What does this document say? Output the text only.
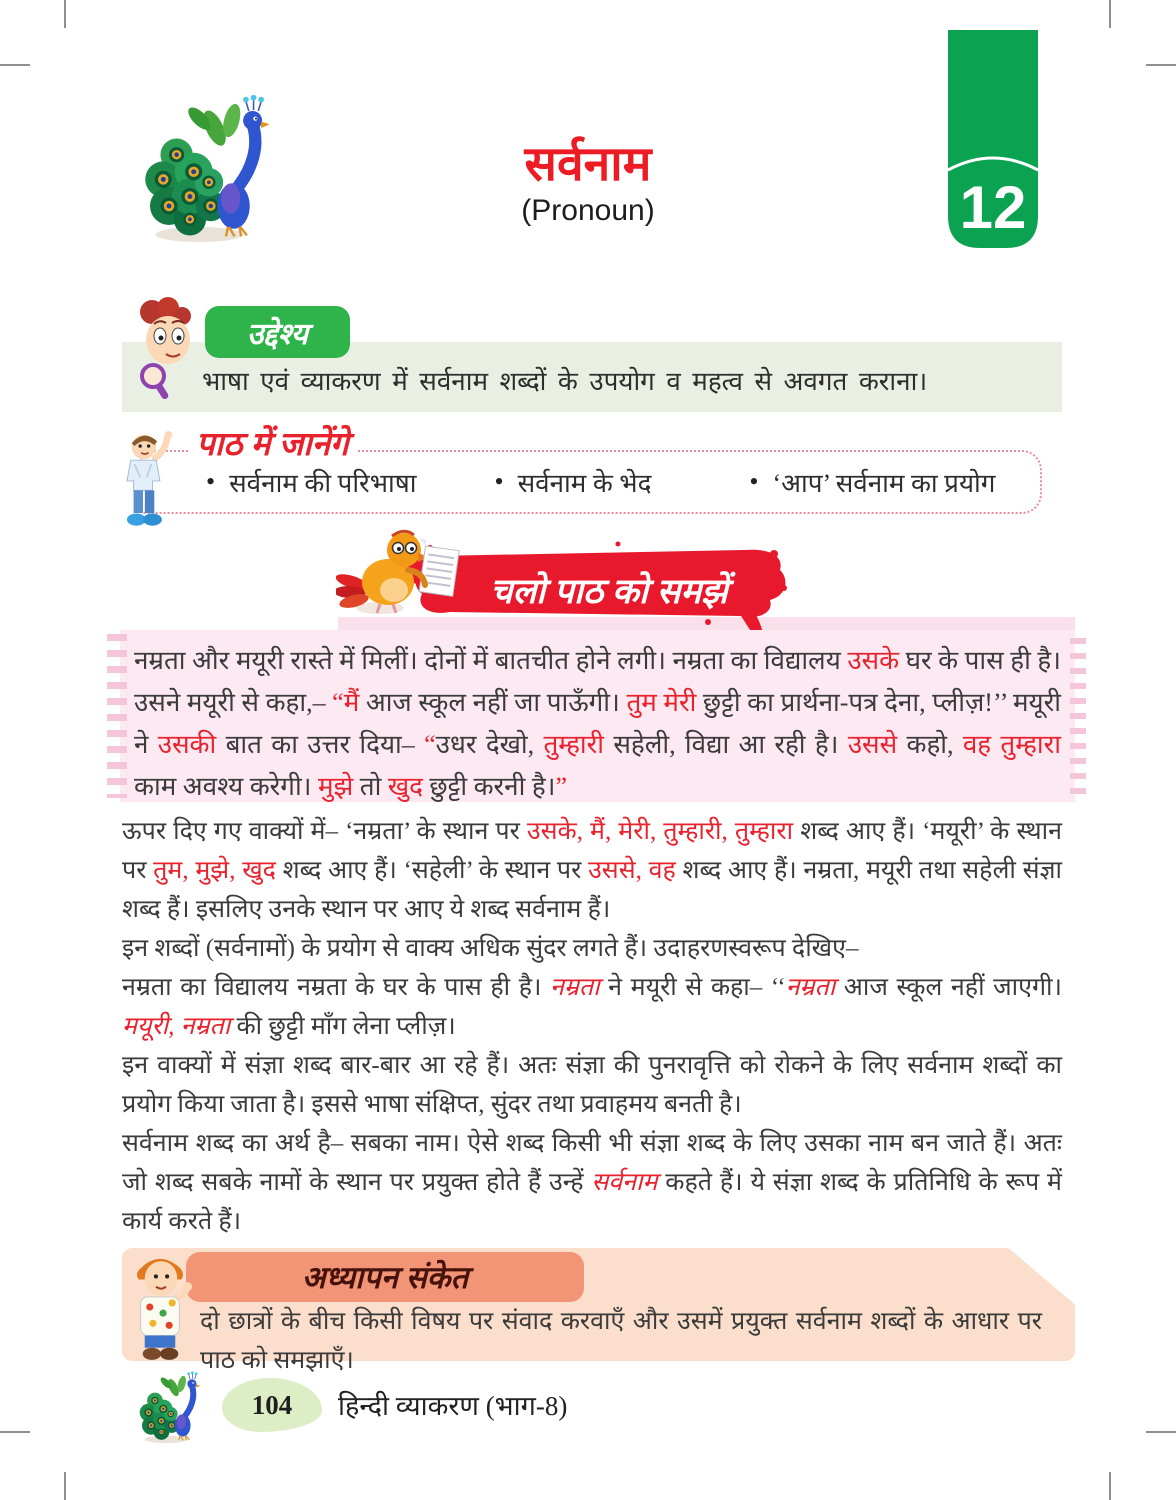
सर्वनाम
(Pronoun)	12
भाषा एवं व्याकरण में सर्वनाम शब्दों के उपयोग व महत्व से अवगत कराना।
उद्देश्य
पाठ में जानेंगे
• सर्वनाम की परिभाषा	• सर्वनाम के भेद	• ‘आप’ सर्वनाम का प्रयोग
चलो पाठ को समझें

नम्रता और मयूरी रास्ते में मिलीं। दोनों में बातचीत होने लगी। नम्रता का विद्यालय उसके घर के पास ही है। उसने मयूरी से कहा,– “मैं आज स्कूल नहीं जा पाऊँगी। तुम मेरी छुट्टी का प्रार्थना-पत्र देना, प्लीज़!’’ मयूरी ने उसकी बात का उत्तर दिया– “उधर देखो, तुम्हारी सहेली, विद्या आ रही है। उससे कहो, वह तुम्हारा काम अवश्य करेगी। मुझे तो खुद छुट्टी करनी है।”

ऊपर दिए गए वाक्यों में– ‘नम्रता’ के स्थान पर उसके, मैं, मेरी, तुम्हारी, तुम्हारा शब्द आए हैं। ‘मयूरी’ के स्थान पर तुम, मुझे, खुद शब्द आए हैं। ‘सहेली’ के स्थान पर उससे, वह शब्द आए हैं। नम्रता, मयूरी तथा सहेली संज्ञा शब्द हैं। इसलिए उनके स्थान पर आए ये शब्द सर्वनाम हैं।

इन शब्दों (सर्वनामों) के प्रयोग से वाक्य अधिक सुंदर लगते हैं। उदाहरणस्वरूप देखिए–

नम्रता का विद्यालय नम्रता के घर के पास ही है। नम्रता ने मयूरी से कहा– ‘‘नम्रता आज स्कूल नहीं जाएगी। मयूरी, नम्रता की छुट्टी माँग लेना प्लीज़।

इन वाक्यों में संज्ञा शब्द बार-बार आ रहे हैं। अतः संज्ञा की पुनरावृत्ति को रोकने के लिए सर्वनाम शब्दों का प्रयोग किया जाता है। इससे भाषा संक्षिप्त, सुंदर तथा प्रवाहमय बनती है।

सर्वनाम शब्द का अर्थ है– सबका नाम। ऐसे शब्द किसी भी संज्ञा शब्द के लिए उसका नाम बन जाते हैं। अतः जो शब्द सबके नामों के स्थान पर प्रयुक्त होते हैं उन्हें सर्वनाम कहते हैं। ये संज्ञा शब्द के प्रतिनिधि के रूप में कार्य करते हैं।

अध्यापन संकेत
दो छात्रों के बीच किसी विषय पर संवाद करवाएँ और उसमें प्रयुक्त सर्वनाम शब्दों के आधार पर पाठ को समझाएँ।
104 हिन्दी व्याकरण (भाग-8)
